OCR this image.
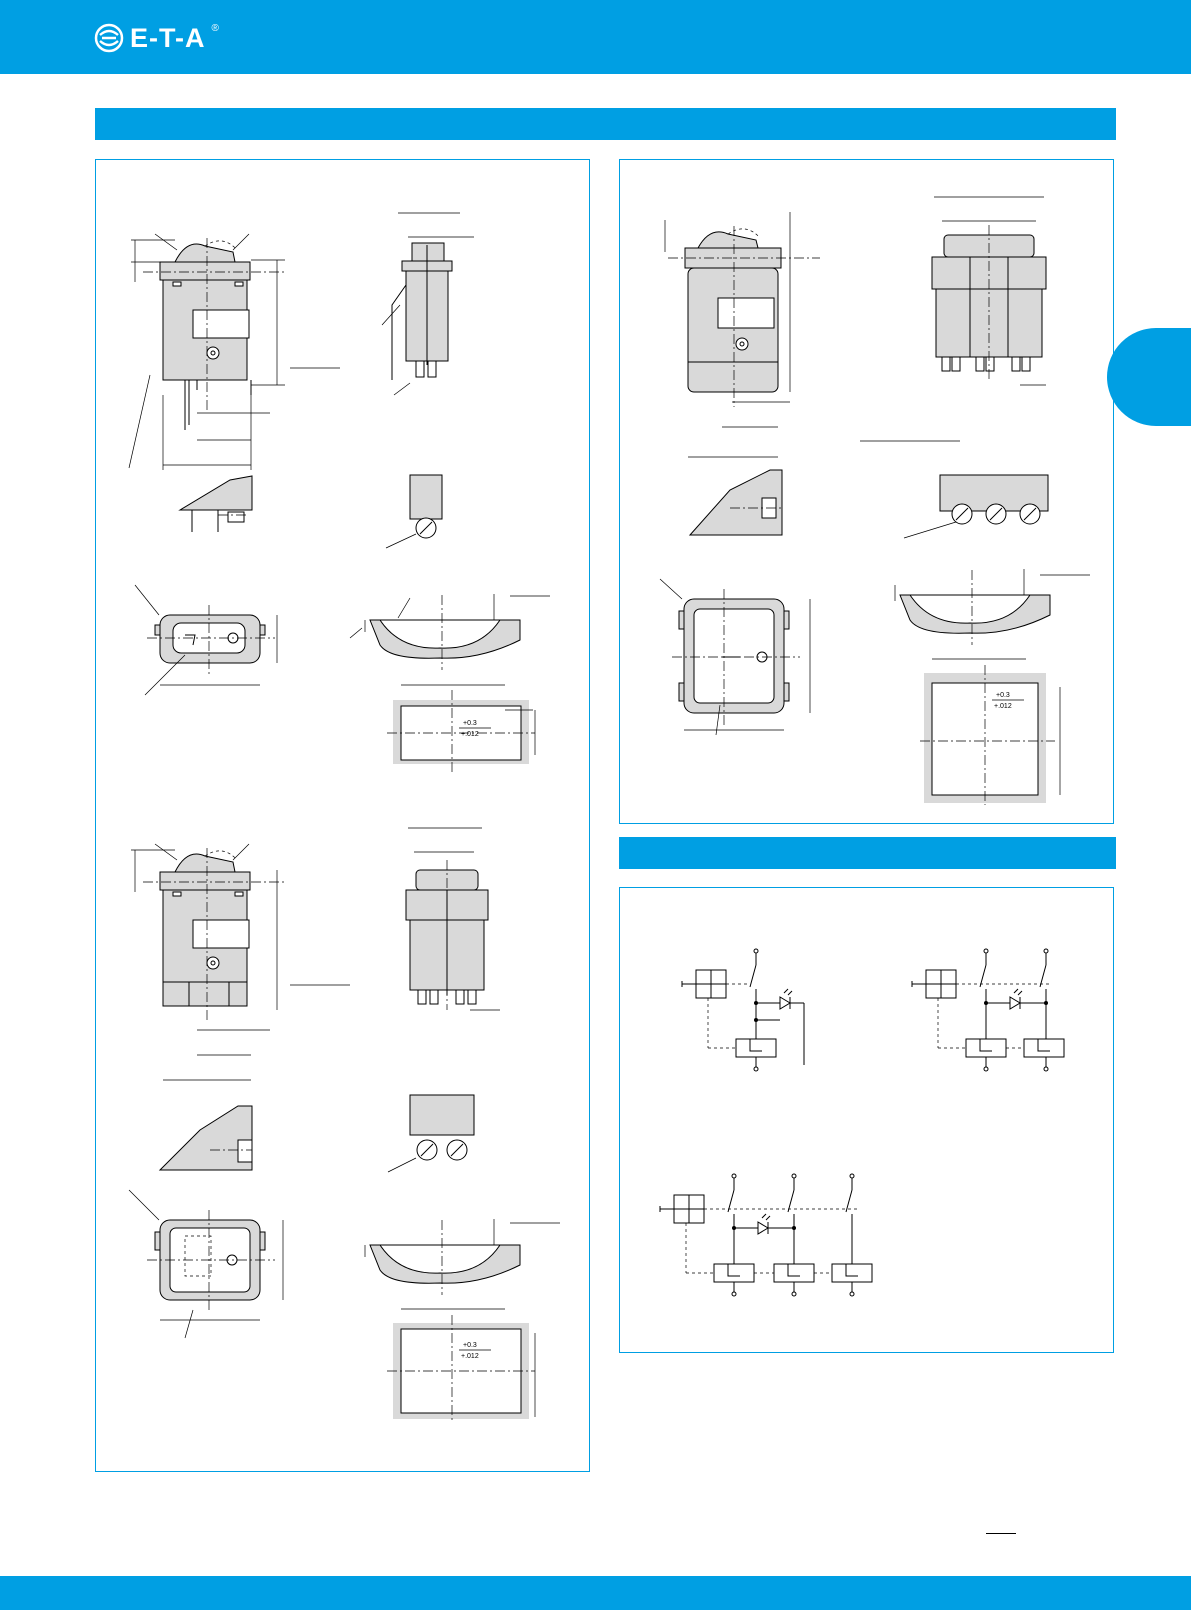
E-T-A ®
+0.3
+.012
+0.3
+.012
+0.3
+.012
